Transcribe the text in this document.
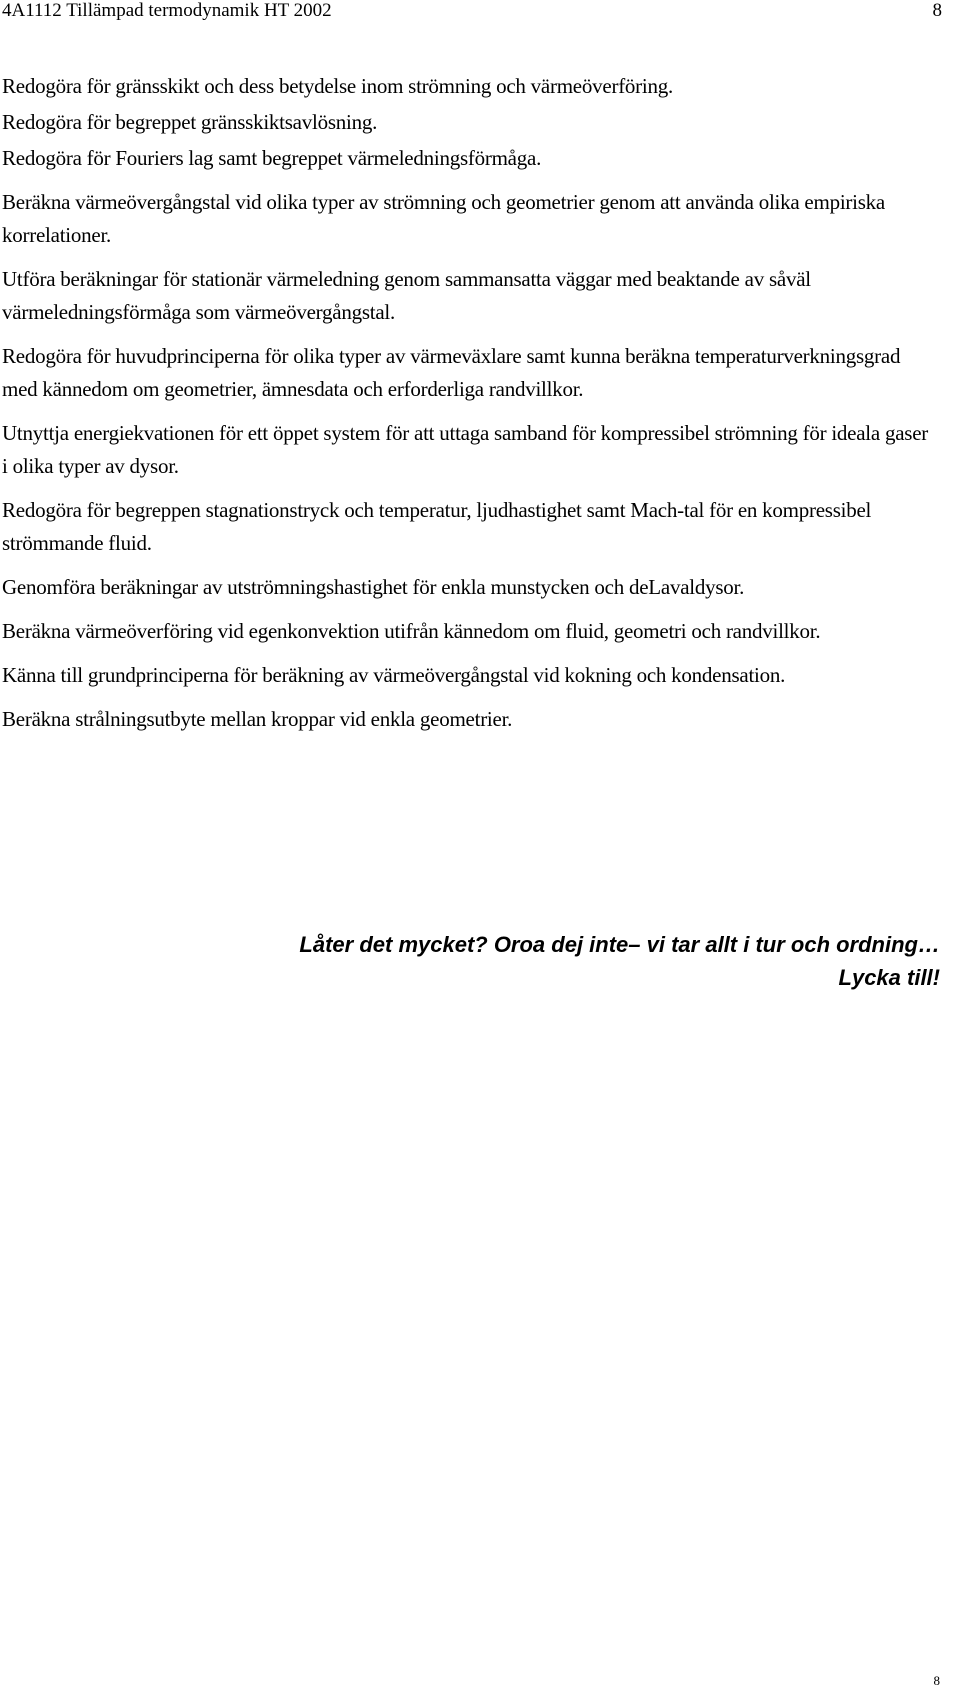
4A1112 Tillämpad termodynamik HT 2002	8
Redogöra för gränsskikt och dess betydelse inom strömning och värmeöverföring.
Redogöra för begreppet gränsskiktsavlösning.
Redogöra för Fouriers lag samt begreppet värmeledningsförmåga.
Beräkna värmeövergångstal vid olika typer av strömning och geometrier genom att använda olika empiriska korrelationer.
Utföra beräkningar för stationär värmeledning genom sammansatta väggar med beaktande av såväl värmeledningsförmåga som värmeövergångstal.
Redogöra för huvudprinciperna för olika typer av värmeväxlare samt kunna beräkna temperaturverkningsgrad med kännedom om geometrier, ämnesdata och erforderliga randvillkor.
Utnyttja energiekvationen för ett öppet system för att uttaga samband för kompressibel strömning för ideala gaser i olika typer av dysor.
Redogöra för begreppen stagnationstryck och temperatur, ljudhastighet samt Mach-tal för en kompressibel strömmande fluid.
Genomföra beräkningar av utströmningshastighet för enkla munstycken och deLavaldysor.
Beräkna värmeöverföring vid egenkonvektion utifrån kännedom om fluid, geometri och randvillkor.
Känna till grundprinciperna för beräkning av värmeövergångstal vid kokning och kondensation.
Beräkna strålningsutbyte mellan kroppar vid enkla geometrier.
Låter det mycket? Oroa dej inte– vi tar allt i tur och ordning…
Lycka till!
8
